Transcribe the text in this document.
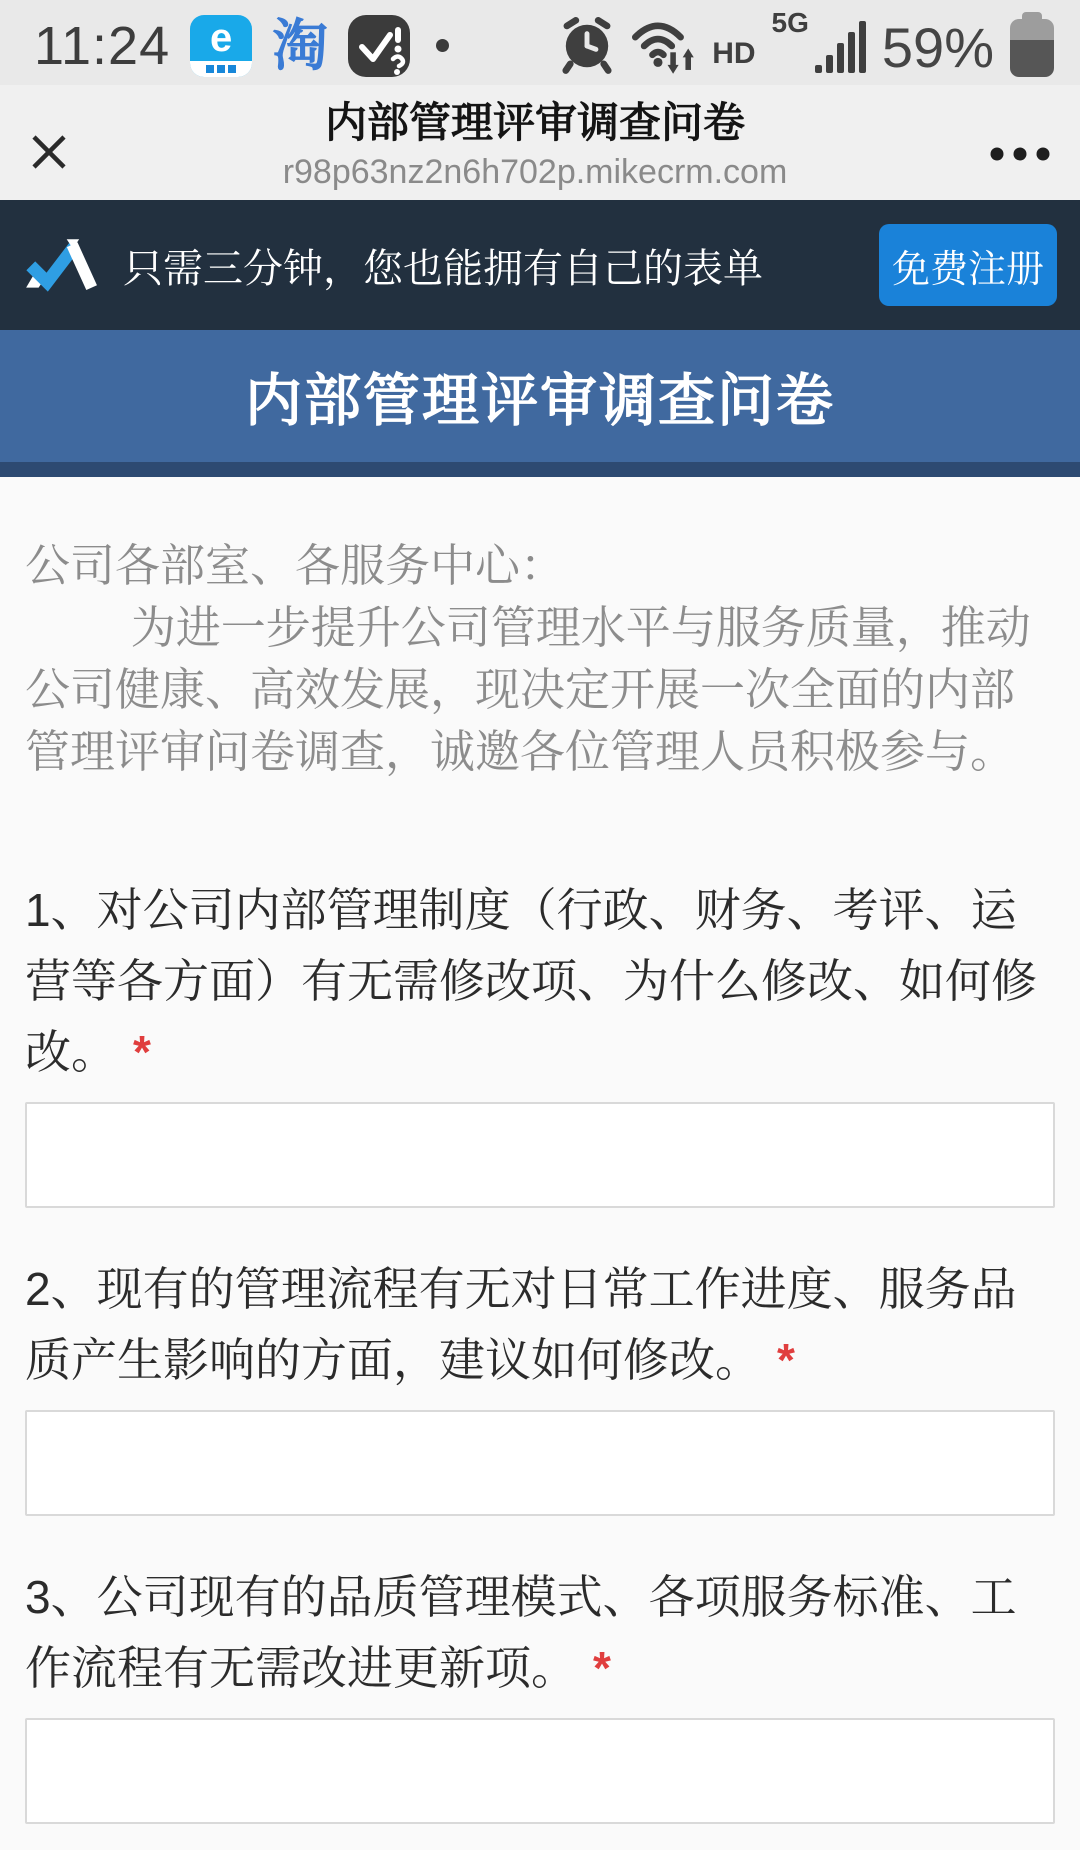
11:24 e 淘	HD
5G 59%
内部管理评审调查问卷
r98p63nz2n6h702p.mikecrm.com
只需三分钟，您也能拥有自己的表单	免费注册
内部管理评审调查问卷

公司各部室、各服务中心：

为进一步提升公司管理水平与服务质量，推动公司健康、高效发展，现决定开展一次全面的内部管理评审问卷调查，诚邀各位管理人员积极参与。

1、对公司内部管理制度（行政、财务、考评、运营等各方面）有无需修改项、为什么修改、如何修改。 *
2、现有的管理流程有无对日常工作进度、服务品质产生影响的方面，建议如何修改。 *
3、公司现有的品质管理模式、各项服务标准、工作流程有无需改进更新项。 *
